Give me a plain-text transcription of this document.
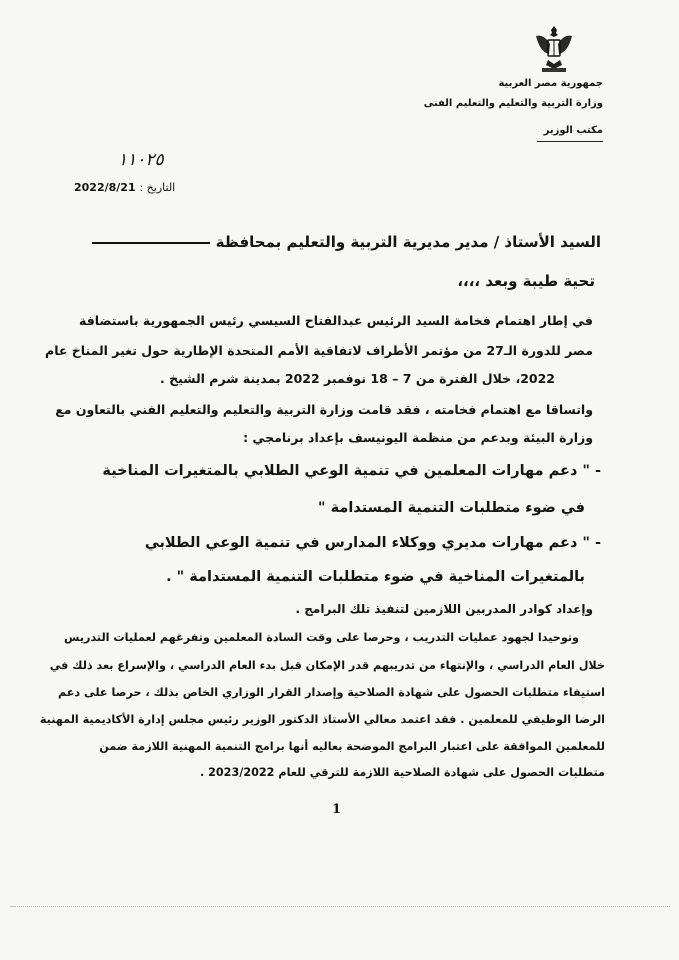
جمهورية مصر العربية
وزارة التربية والتعليم والتعليم الفنى
مكتب الوزير
١١٠٢٥
التاريخ : 2022/8/21
السيد الأستاذ / مدير مديرية التربية والتعليم بمحافظة
تحية طيبة وبعد ،،،،
في إطار اهتمام فخامة السيد الرئيس عبدالفتاح السيسي رئيس الجمهورية باستضافة
مصر للدورة الـ27 من مؤتمر الأطراف لاتفاقية الأمم المتحدة الإطارية حول تغير المناخ عام
2022، خلال الفترة من 7 – 18 نوفمبر 2022 بمدينة شرم الشيخ .
واتساقا مع اهتمام فخامته ، فقد قامت وزارة التربية والتعليم والتعليم الفني بالتعاون مع
وزارة البيئة وبدعم من منظمة اليونيسف بإعداد برنامجي :
- " دعم مهارات المعلمين في تنمية الوعي الطلابي بالمتغيرات المناخية
في ضوء متطلبات التنمية المستدامة "
- " دعم مهارات مديري ووكلاء المدارس في تنمية الوعي الطلابي
بالمتغيرات المناخية في ضوء متطلبات التنمية المستدامة " .
وإعداد كوادر المدربين اللازمين لتنفيذ تلك البرامج .
وتوحيدا لجهود عمليات التدريب ، وحرصا على وقت السادة المعلمين وتفرغهم لعمليات التدريس
خلال العام الدراسي ، والإنتهاء من تدريبهم قدر الإمكان قبل بدء العام الدراسي ، والإسراع بعد ذلك في
استيفاء متطلبات الحصول على شهادة الصلاحية وإصدار القرار الوزاري الخاص بذلك ، حرصا على دعم
الرضا الوظيفي للمعلمين . فقد اعتمد معالي الأستاذ الدكتور الوزير رئيس مجلس إدارة الأكاديمية المهنية
للمعلمين الموافقة على اعتبار البرامج الموضحة بعاليه أنها برامج التنمية المهنية اللازمة ضمن
متطلبات الحصول على شهادة الصلاحية اللازمة للترقي للعام 2023/2022 .
1
